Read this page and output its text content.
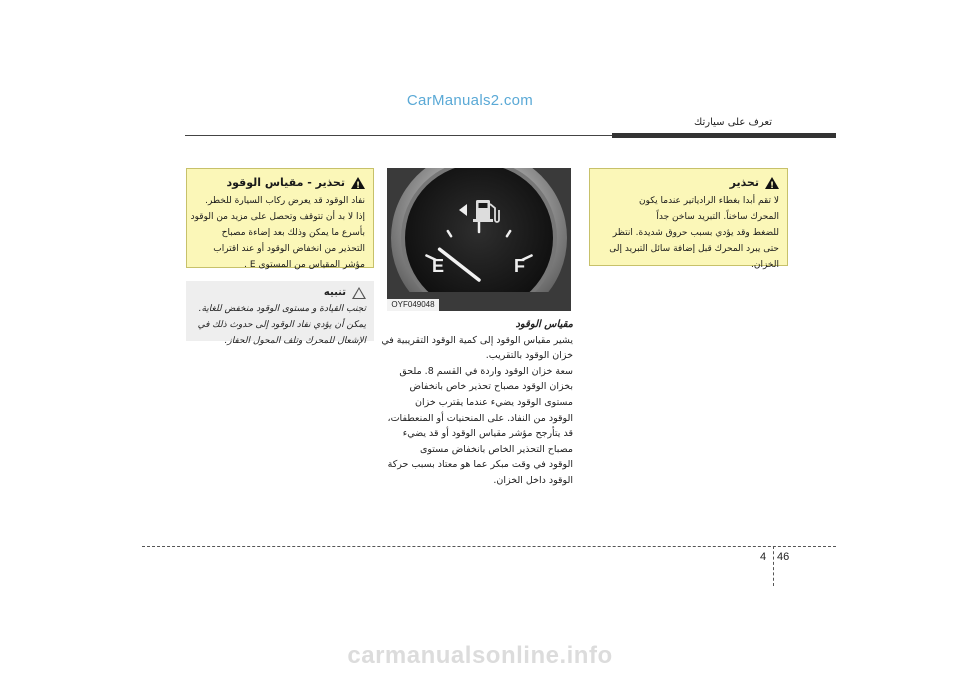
CarManuals2.com
تعرف على سيارتك
!
تحذير
لا تقم أبدا بغطاء الرادياتير عندما يكون
المحرك ساخناً. التبريد ساخن جداً
للضغط وقد يؤدي بسبب حروق شديدة. انتظر
حتى يبرد المحرك قبل إضافة سائل التبريد إلى
الخزان.
!
تحذير - مقياس الوقود
نفاد الوقود قد يعرض ركاب السيارة للخطر.
إذا لا بد أن تتوقف وتحصل على مزيد من الوقود
بأسرع ما يمكن وذلك بعد إضاءة مصباح
التحذير من انخفاض الوقود أو عند اقتراب
مؤشر المقياس من المستوى E .
تنبيه
تجنب القيادة و مستوى الوقود منخفض للغاية.
يمكن أن يؤدي نفاد الوقود إلى حدوث ذلك في
الإشعال للمحرك وتلف المحول الحفاز.
E	F
OYF049048
مقياس الوقود
يشير مقياس الوقود إلى كمية الوقود التقريبية في
خزان الوقود بالتقريب.
سعة خزان الوقود واردة في القسم 8. ملحق
بخزان الوقود مصباح تحذير خاص بانخفاض
مستوى الوقود يضيء عندما يقترب خزان
الوقود من النفاد. على المنحنيات أو المنعطفات،
قد يتأرجح مؤشر مقياس الوقود أو قد يضيء
مصباح التحذير الخاص بانخفاض مستوى
الوقود في وقت مبكر عما هو معتاد بسبب حركة
الوقود داخل الخزان.
4 46
carmanualsonline.info
